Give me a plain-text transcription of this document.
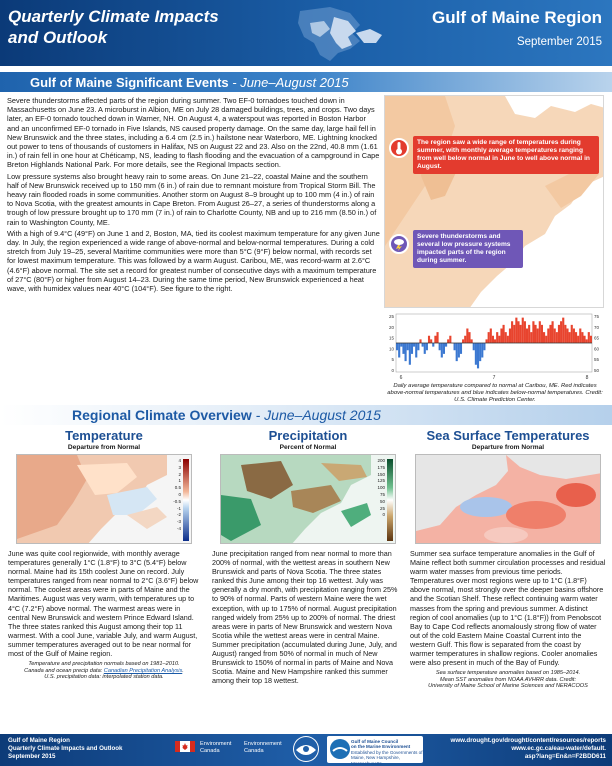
Quarterly Climate Impacts
and Outlook
Gulf of Maine Region
September 2015
Gulf of Maine Significant Events - June–August 2015

Severe thunderstorms affected parts of the region during summer. Two EF-0 tornadoes touched down in Massachusetts on June 23. A microburst in Albion, ME on July 28 damaged buildings, trees, and crops. Two days later, an EF-0 tornado touched down in Warner, NH. On August 4, a waterspout was reported in Boston Harbor and an unconfirmed EF-0 tornado in Five Islands, NS caused property damage. On the same day, large hail fell in New Brunswick and the three states, including a 6.4 cm (2.5 in.) hailstone near Waterboro, ME. Lightning knocked out power to tens of thousands of customers in Halifax, NS on August 22 and 23. Also on the 22nd, 40.8 mm (1.61 in.) of rain fell in one hour at Chéticamp, NS, leading to flash flooding and the evacuation of a campground in Cape Breton Highlands National Park. For more details, see the Regional Impacts section.

Low pressure systems also brought heavy rain to some areas. On June 21–22, coastal Maine and the southern half of New Brunswick received up to 150 mm (6 in.) of rain due to remnant moisture from Tropical Storm Bill. The heavy rain flooded roads in some communities. Another storm on August 8–9 brought up to 100 mm (4 in.) of rain to Nova Scotia, with the greatest amounts in Cape Breton. From August 26–27, a series of thunderstorms along a trough of low pressure brought up to 170 mm (7 in.) of rain to Charlotte County, NB and up to 216 mm (8.50 in.) of rain to Washington County, ME.

With a high of 9.4°C (49°F) on June 1 and 2, Boston, MA, tied its coolest maximum temperature for any given June day. In July, the region experienced a wide range of above-normal and below-normal temperatures. During a cold stretch from July 19–25, several Maritime communities were more than 5°C (9°F) below normal, with records set for lowest maximum temperature. This was followed by a warm August. Caribou, ME, was record-warm at 2.6°C (4.6°F) above normal. The site set a record for greatest number of consecutive days with a maximum temperature of 27°C (80°F) or higher from August 14–23. During the same time period, New Brunswick experienced a heat wave, with humidex values near 40°C (104°F). See figure to the right.

The region saw a wide range of temperatures during summer, with monthly average temperatures ranging from well below normal in June to well above normal in August.
Severe thunderstorms and several low pressure systems impacted parts of the region during summer.
25
20
15
10
5
0
75
70
65
60
55
50
6	7	8
Daily average temperature compared to normal at Caribou, ME. Red indicates above-normal temperatures and blue indicates below-normal temperatures. Credit: U.S. Climate Prediction Center.
Regional Climate Overview - June–August 2015
Temperature
Departure from Normal
4
3
2
1
0.5
0
-0.5
-1
-2
-3
-4
June was quite cool regionwide, with monthly average temperatures generally 1°C (1.8°F) to 3°C (5.4°F) below normal. Maine had its 15th coolest June on record. July temperatures ranged from near normal to 2°C (3.6°F) below normal. The coolest areas were in parts of Maine and the Maritimes. August was very warm, with temperatures up to 4°C (7.2°F) above normal. The warmest areas were in central New Brunswick and western Prince Edward Island. The three states ranked this August among their top 11 warmest. With a cool June, variable July, and warm August, summer temperatures averaged out to be near normal for most of the Gulf of Maine region.
Temperature and precipitation normals based on 1981–2010.
Canada and ocean precip data: Canadian Precipitation Analysis.
U.S. precipitation data: interpolated station data.
Precipitation
Percent of Normal
200
175
150
125
100
75
50
25
0
June precipitation ranged from near normal to more than 200% of normal, with the wettest areas in southern New Brunswick and parts of Nova Scotia. The three states ranked this June among their top 16 wettest. July was generally a dry month, with precipitation ranging from 25% to 90% of normal. Parts of western Maine were the wet exception, with up to 175% of normal. August precipitation ranged widely from 25% up to 200% of normal. The driest areas were in parts of New Brunswick and western Nova Scotia while the wettest areas were in central Maine. Summer precipitation (accumulated during June, July, and August) ranged from 50% of normal in much of New Brunswick to 150% of normal in parts of Maine and Nova Scotia. Maine and New Hampshire ranked this summer among their top 18 wettest.
Sea Surface Temperatures
Departure from Normal
Summer sea surface temperature anomalies in the Gulf of Maine reflect both summer circulation processes and residual warm water masses from previous time periods. Temperatures over most regions were up to 1°C (1.8°F) above normal, most strongly over the deeper basins offshore and the Scotian Shelf. These reflect continuing warm water masses from the spring and previous summer. A distinct region of cool anomalies (up to 1°C (1.8°F)) from Penobscot Bay to Cape Cod reflects anomalously strong flow of water out of the cold Eastern Maine Coastal Current into the western Gulf. This flow is separated from the coast by warmer temperatures in shallow regions. Cooler anomalies were also present in much of the Bay of Fundy.
Sea surface temperature anomalies based on 1985–2014.
Mean SST anomalies from NOAA AVHRR data. Credit:
University of Maine School of Marine Sciences and NERACOOS
Gulf of Maine Region
Quarterly Climate Impacts and Outlook
September 2015
Environment
Canada
Environnement
Canada
Gulf of Maine Council
on the Marine Environment
Established by the Governments of
Maine, New Hampshire, Massachusetts,
www.drought.gov/drought/content/resources/reports
www.ec.gc.ca/eau-water/default.
asp?lang=En&n=F2BDD611
